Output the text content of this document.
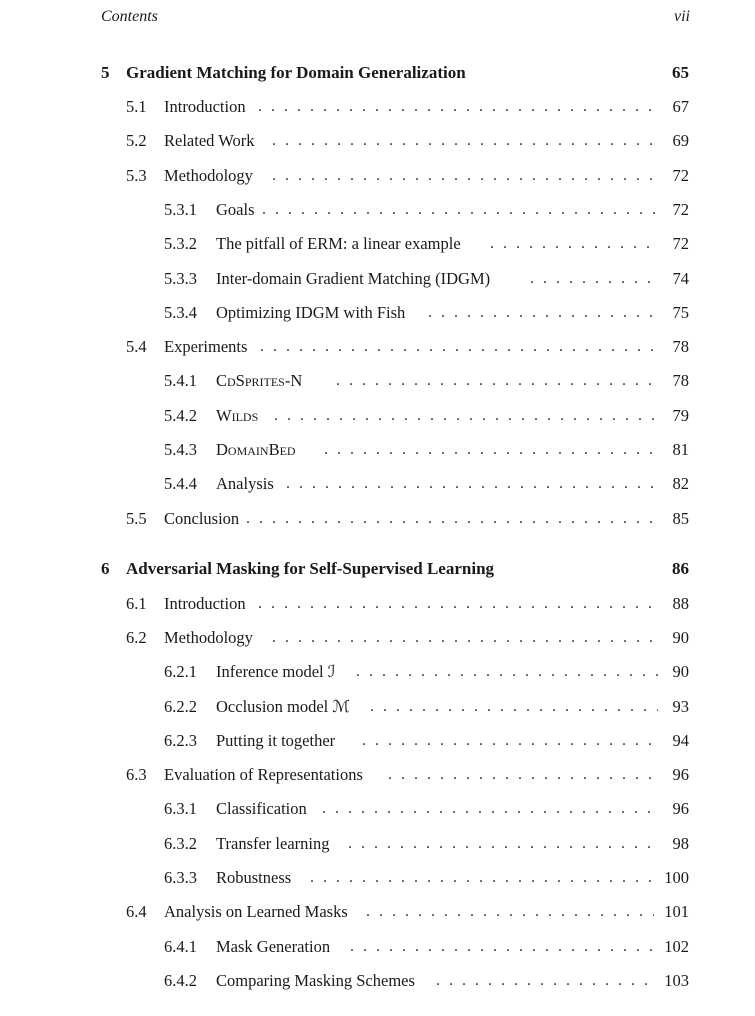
Contents	vii
5 Gradient Matching for Domain Generalization	65
5.1 Introduction . . .	67
5.2 Related Work . . .	69
5.3 Methodology . . .	72
5.3.1 Goals . . .	72
5.3.2 The pitfall of ERM: a linear example . . .	72
5.3.3 Inter-domain Gradient Matching (IDGM) . . .	74
5.3.4 Optimizing IDGM with Fish . . .	75
5.4 Experiments . . .	78
5.4.1 CdSprites-N . . .	78
5.4.2 Wilds . . .	79
5.4.3 DomainBed . . .	81
5.4.4 Analysis . . .	82
5.5 Conclusion . . .	85
6 Adversarial Masking for Self-Supervised Learning	86
6.1 Introduction . . .	88
6.2 Methodology . . .	90
6.2.1 Inference model ℐ . . .	90
6.2.2 Occlusion model ℳ . . .	93
6.2.3 Putting it together . . .	94
6.3 Evaluation of Representations . . .	96
6.3.1 Classification . . .	96
6.3.2 Transfer learning . . .	98
6.3.3 Robustness . . .	100
6.4 Analysis on Learned Masks . . .	101
6.4.1 Mask Generation . . .	102
6.4.2 Comparing Masking Schemes . . .	103
